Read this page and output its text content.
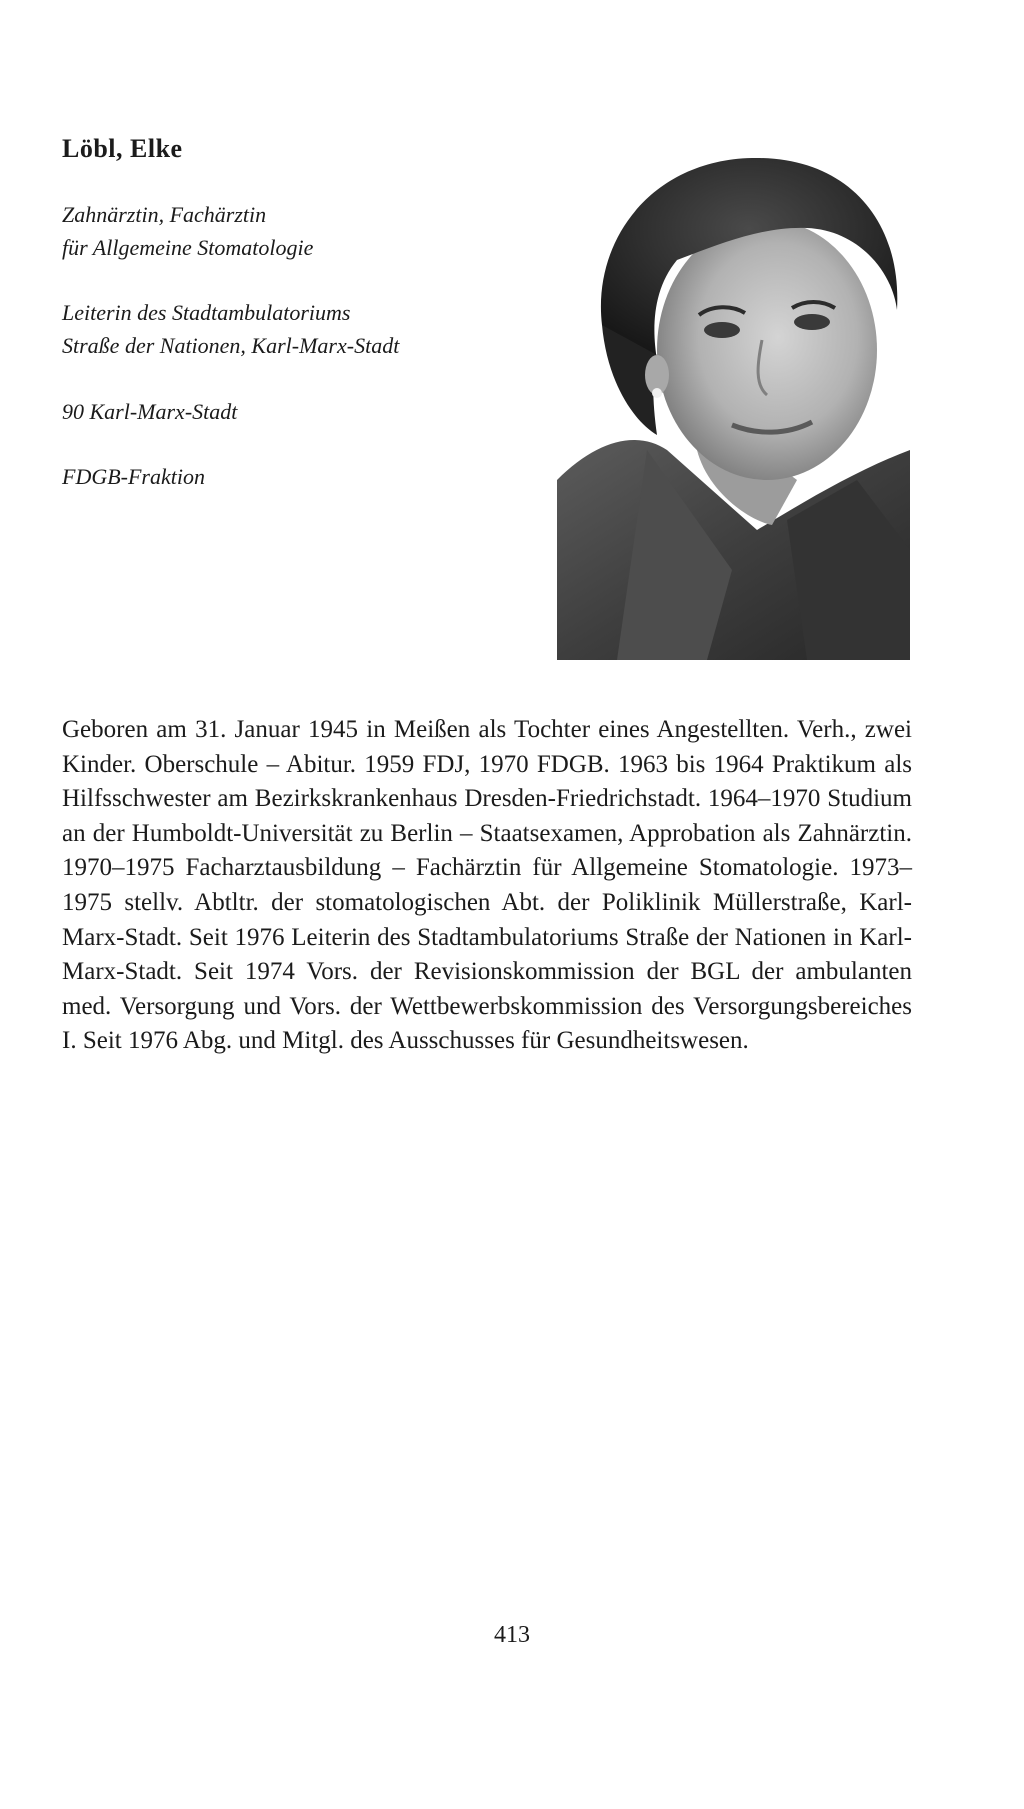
Löbl, Elke
Zahnärztin, Fachärztin
für Allgemeine Stomatologie
Leiterin des Stadtambulatoriums
Straße der Nationen, Karl-Marx-Stadt
90 Karl-Marx-Stadt
FDGB-Fraktion

Geboren am 31. Januar 1945 in Meißen als Tochter eines Angestellten. Verh., zwei Kinder. Oberschule – Abitur. 1959 FDJ, 1970 FDGB. 1963 bis 1964 Praktikum als Hilfsschwester am Bezirkskrankenhaus Dresden-Friedrichstadt. 1964–1970 Studium an der Humboldt-Universität zu Berlin – Staatsexamen, Approbation als Zahnärztin. 1970–1975 Facharztausbildung – Fachärztin für Allgemeine Stomatologie. 1973–1975 stellv. Abtltr. der stomatologischen Abt. der Poliklinik Müllerstraße, Karl-Marx-Stadt. Seit 1976 Leiterin des Stadtambulatoriums Straße der Nationen in Karl-Marx-Stadt. Seit 1974 Vors. der Revisionskommission der BGL der ambulanten med. Versorgung und Vors. der Wettbewerbskommission des Versorgungsbereiches I. Seit 1976 Abg. und Mitgl. des Ausschusses für Gesundheitswesen.

413
